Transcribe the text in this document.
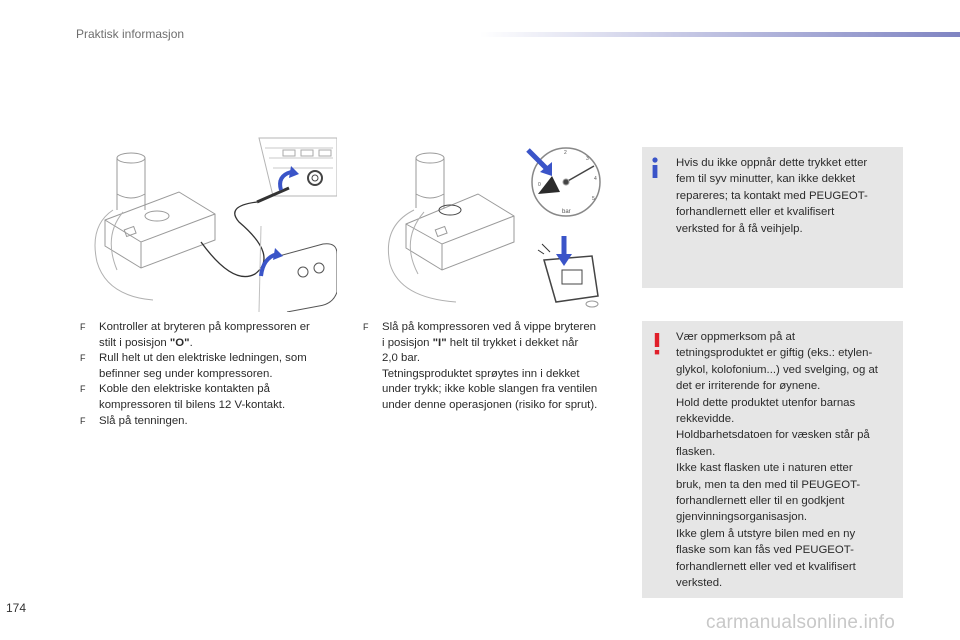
Praktisk informasjon
bar
0
2
3
4
5

F Kontroller at bryteren på kompressoren er
stilt i posisjon "O".

F Rull helt ut den elektriske ledningen, som
befinner seg under kompressoren.

F Koble den elektriske kontakten på
kompressoren til bilens 12 V-kontakt.

F Slå på tenningen.

F Slå på kompressoren ved å vippe bryteren
i posisjon "I" helt til trykket i dekket når
2,0 bar.

Tetningsproduktet sprøytes inn i dekket
under trykk; ikke koble slangen fra ventilen
under denne operasjonen (risiko for sprut).

Hvis du ikke oppnår dette trykket etter

fem til syv minutter, kan ikke dekket

repareres; ta kontakt med PEUGEOT-

forhandlernett eller et kvalifisert

verksted for å få veihjelp.

Vær oppmerksom på at

tetningsproduktet er giftig (eks.: etylen-

glykol, kolofonium...) ved svelging, og at

det er irriterende for øynene.

Hold dette produktet utenfor barnas

rekkevidde.

Holdbarhetsdatoen for væsken står på

flasken.

Ikke kast flasken ute i naturen etter

bruk, men ta den med til PEUGEOT-

forhandlernett eller til en godkjent

gjenvinningsorganisasjon.

Ikke glem å utstyre bilen med en ny

flaske som kan fås ved PEUGEOT-

forhandlernett eller ved et kvalifisert

verksted.

174
carmanualsonline.info
